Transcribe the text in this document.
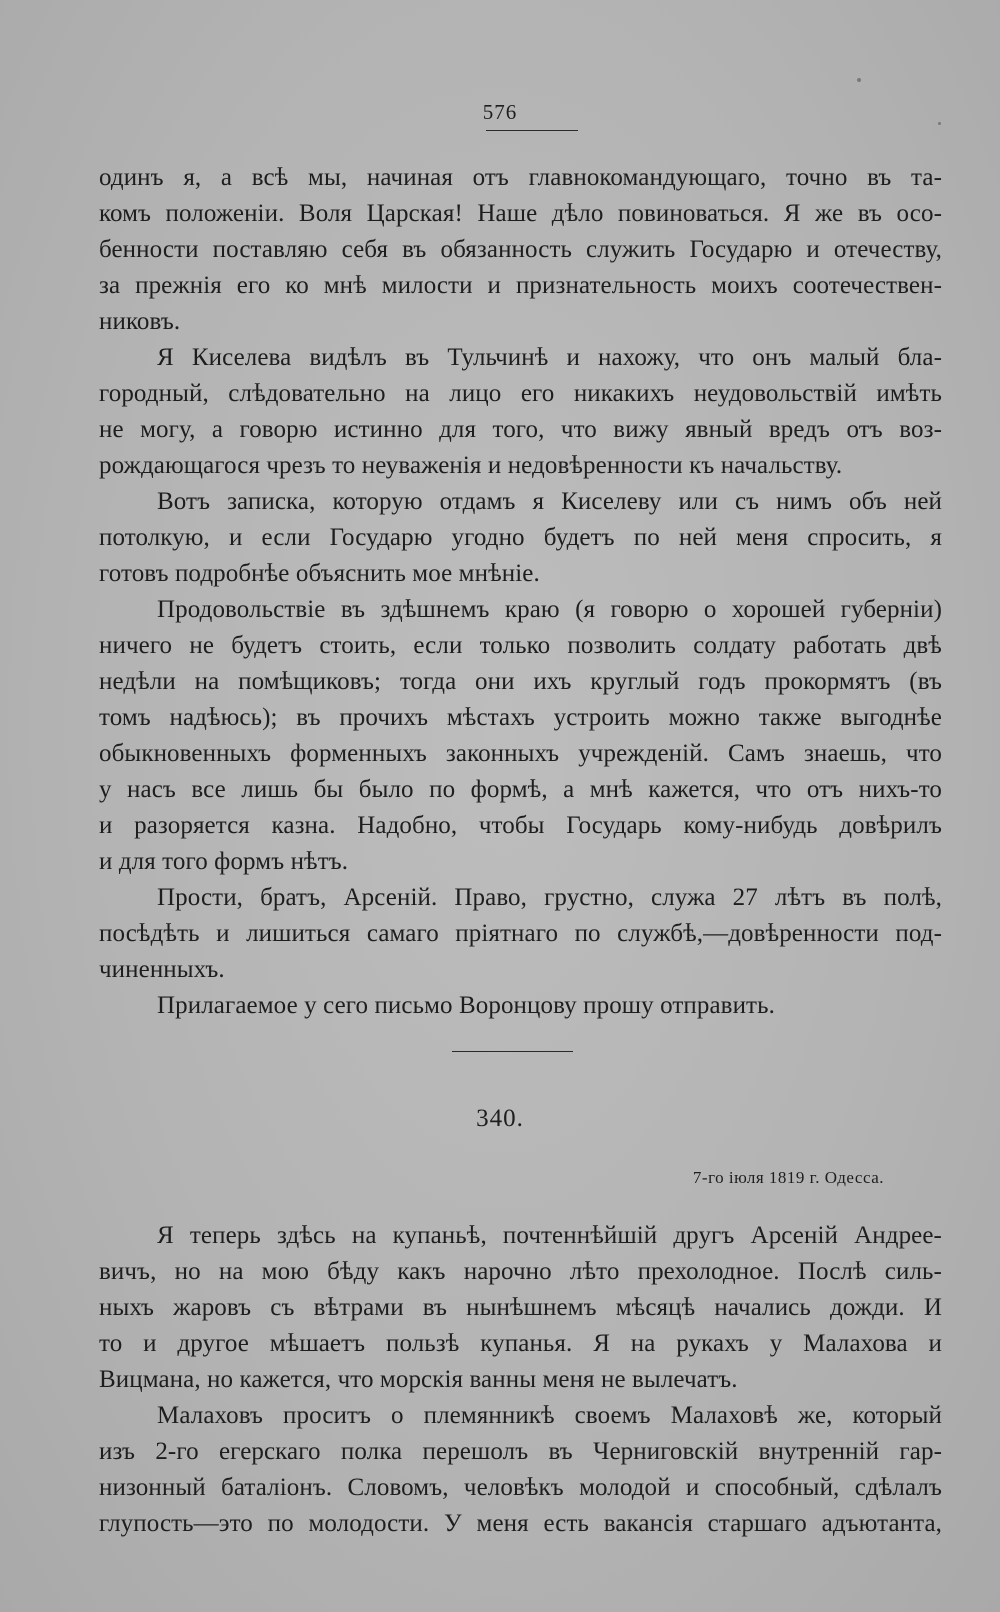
576
одинъ я, а всѣ мы, начиная отъ главнокомандующаго, точно въ та-
комъ положеніи. Воля Царская! Наше дѣло повиноваться. Я же въ осо-
бенности поставляю себя въ обязанность служить Государю и отечеству,
за прежнія его ко мнѣ милости и признательность моихъ соотечествен-
никовъ.
Я Киселева видѣлъ въ Тульчинѣ и нахожу, что онъ малый бла-
городный, слѣдовательно на лицо его никакихъ неудовольствій имѣть
не могу, а говорю истинно для того, что вижу явный вредъ отъ воз-
рождающагося чрезъ то неуваженія и недовѣренности къ начальству.
Вотъ записка, которую отдамъ я Киселеву или съ нимъ объ ней
потолкую, и если Государю угодно будетъ по ней меня спросить, я
готовъ подробнѣе объяснить мое мнѣніе.
Продовольствіе въ здѣшнемъ краю (я говорю о хорошей губерніи)
ничего не будетъ стоить, если только позволить солдату работать двѣ
недѣли на помѣщиковъ; тогда они ихъ круглый годъ прокормятъ (въ
томъ надѣюсь); въ прочихъ мѣстахъ устроить можно также выгоднѣе
обыкновенныхъ форменныхъ законныхъ учрежденій. Самъ знаешь, что
у насъ все лишь бы было по формѣ, а мнѣ кажется, что отъ нихъ-то
и разоряется казна. Надобно, чтобы Государь кому-нибудь довѣрилъ
и для того формъ нѣтъ.
Прости, братъ, Арсеній. Право, грустно, служа 27 лѣтъ въ полѣ,
посѣдѣть и лишиться самаго пріятнаго по службѣ,—довѣренности под-
чиненныхъ.
Прилагаемое у сего письмо Воронцову прошу отправить.
340.
7-го іюля 1819 г. Одесса.
Я теперь здѣсь на купаньѣ, почтеннѣйшій другъ Арсеній Андрее-
вичъ, но на мою бѣду какъ нарочно лѣто прехолодное. Послѣ силь-
ныхъ жаровъ съ вѣтрами въ нынѣшнемъ мѣсяцѣ начались дожди. И
то и другое мѣшаетъ пользѣ купанья. Я на рукахъ у Малахова и
Вицмана, но кажется, что морскія ванны меня не вылечатъ.
Малаховъ проситъ о племянникѣ своемъ Малаховѣ же, который
изъ 2-го егерскаго полка перешолъ въ Черниговскій внутренній гар-
низонный баталіонъ. Словомъ, человѣкъ молодой и способный, сдѣлалъ
глупость—это по молодости. У меня есть вакансія старшаго адъютанта,
